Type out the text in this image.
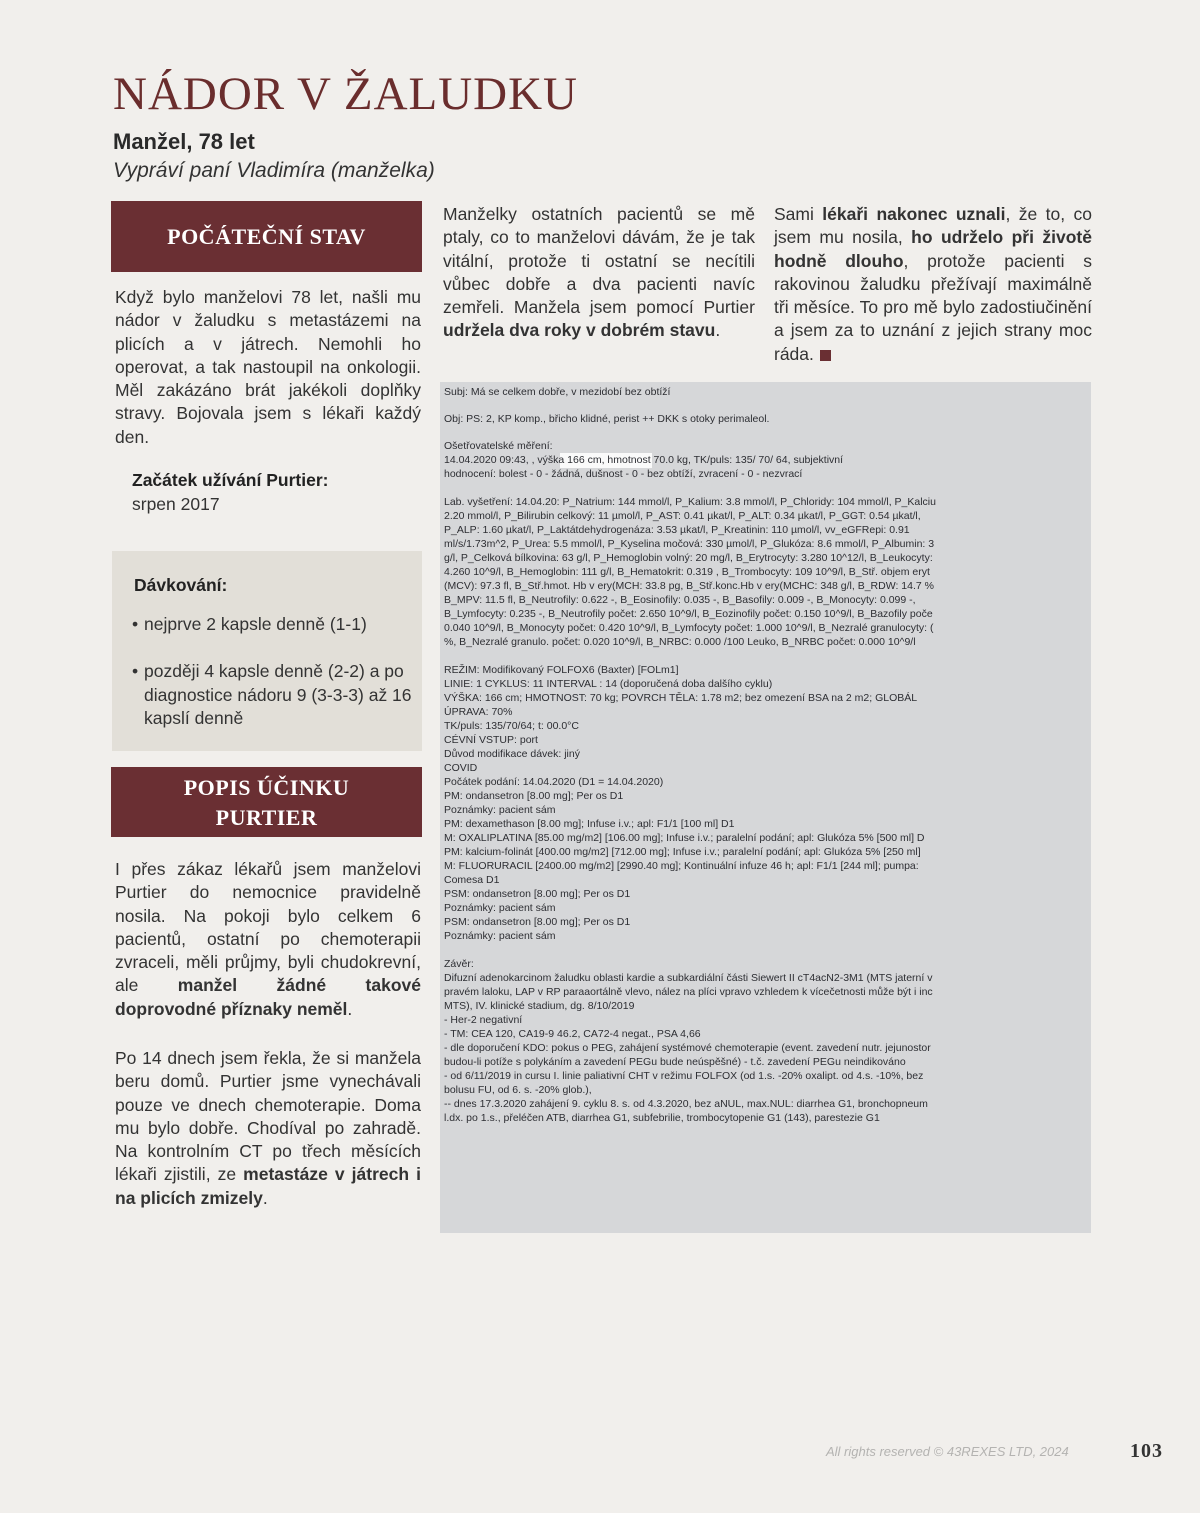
NÁDOR V ŽALUDKU
Manžel, 78 let
Vypráví paní Vladimíra (manželka)
POČÁTEČNÍ STAV
Když bylo manželovi 78 let, našli mu nádor v žaludku s metastázemi na plicích a v játrech. Nemohli ho operovat, a tak nastoupil na onkologii. Měl zakázáno brát jakékoli doplňky stravy. Bojovala jsem s lékaři každý den.
Začátek užívání Purtier:
srpen 2017
Dávkování:
• nejprve 2 kapsle denně (1-1)
• později 4 kapsle denně (2-2) a po diagnostice nádoru 9 (3-3-3) až 16 kapslí denně
POPIS ÚČINKU
PURTIER
I přes zákaz lékařů jsem manželovi Purtier do nemocnice pravidelně nosila. Na pokoji bylo celkem 6 pacientů, ostatní po chemoterapii zvraceli, měli průjmy, byli chudokrevní, ale manžel žádné takové doprovodné příznaky neměl.
Po 14 dnech jsem řekla, že si manžela beru domů. Purtier jsme vynechávali pouze ve dnech chemoterapie. Doma mu bylo dobře. Chodíval po zahradě. Na kontrolním CT po třech měsících lékaři zjistili, ze metastáze v játrech i na plicích zmizely.
Manželky ostatních pacientů se mě ptaly, co to manželovi dávám, že je tak vitální, protože ti ostatní se necítili vůbec dobře a dva pacienti navíc zemřeli. Manžela jsem pomocí Purtier udržela dva roky v dobrém stavu.
Sami lékaři nakonec uznali, že to, co jsem mu nosila, ho udrželo při životě hodně dlouho, protože pacienti s rakovinou žaludku přežívají maximálně tři měsíce. To pro mě bylo zadostiučinění a jsem za to uznání z jejich strany moc ráda.
Subj: Má se celkem dobře, v mezidobí bez obtíží
Obj: PS: 2, KP komp., břicho klidné, perist ++ DKK s otoky perimaleol.
Ošetřovatelské měření:
14.04.2020 09:43, , výška 166 cm, hmotnost 70.0 kg, TK/puls: 135/ 70/ 64, subjektivní
hodnocení: bolest - 0 - žádná, dušnost - 0 - bez obtíží, zvracení - 0 - nezvrací
Lab. vyšetření: 14.04.20: P_Natrium: 144 mmol/l, P_Kalium: 3.8 mmol/l, P_Chloridy: 104 mmol/l, P_Kalciu
2.20 mmol/l, P_Bilirubin celkový: 11 µmol/l, P_AST: 0.41 µkat/l, P_ALT: 0.34 µkat/l, P_GGT: 0.54 µkat/l,
P_ALP: 1.60 µkat/l, P_Laktátdehydrogenáza: 3.53 µkat/l, P_Kreatinin: 110 µmol/l, vv_eGFRepi: 0.91
ml/s/1.73m^2, P_Urea: 5.5 mmol/l, P_Kyselina močová: 330 µmol/l, P_Glukóza: 8.6 mmol/l, P_Albumin: 3
g/l, P_Celková bílkovina: 63 g/l, P_Hemoglobin volný: 20 mg/l, B_Erytrocyty: 3.280 10^12/l, B_Leukocyty:
4.260 10^9/l, B_Hemoglobin: 111 g/l, B_Hematokrit: 0.319 , B_Trombocyty: 109 10^9/l, B_Stř. objem eryt
(MCV): 97.3 fl, B_Stř.hmot. Hb v ery(MCH: 33.8 pg, B_Stř.konc.Hb v ery(MCHC: 348 g/l, B_RDW: 14.7 %
B_MPV: 11.5 fl, B_Neutrofily: 0.622 -, B_Eosinofily: 0.035 -, B_Basofily: 0.009 -, B_Monocyty: 0.099 -,
B_Lymfocyty: 0.235 -, B_Neutrofily počet: 2.650 10^9/l, B_Eozinofily počet: 0.150 10^9/l, B_Bazofily poče
0.040 10^9/l, B_Monocyty počet: 0.420 10^9/l, B_Lymfocyty počet: 1.000 10^9/l, B_Nezralé granulocyty: (
%, B_Nezralé granulo. počet: 0.020 10^9/l, B_NRBC: 0.000 /100 Leuko, B_NRBC počet: 0.000 10^9/l
REŽIM: Modifikovaný FOLFOX6 (Baxter) [FOLm1]
LINIE: 1 CYKLUS: 11 INTERVAL : 14 (doporučená doba dalšího cyklu)
VÝŠKA: 166 cm; HMOTNOST: 70 kg; POVRCH TĚLA: 1.78 m2; bez omezení BSA na 2 m2; GLOBÁL
ÚPRAVA: 70%
TK/puls: 135/70/64; t: 00.0°C
CÉVNÍ VSTUP: port
Důvod modifikace dávek: jiný
COVID
Počátek podání: 14.04.2020 (D1 = 14.04.2020)
PM: ondansetron [8.00 mg]; Per os D1
Poznámky: pacient sám
PM: dexamethason [8.00 mg]; Infuse i.v.; apl: F1/1 [100 ml] D1
M: OXALIPLATINA [85.00 mg/m2] [106.00 mg]; Infuse i.v.; paralelní podání; apl: Glukóza 5% [500 ml] D
PM: kalcium-folinát [400.00 mg/m2] [712.00 mg]; Infuse i.v.; paralelní podání; apl: Glukóza 5% [250 ml]
M: FLUORURACIL [2400.00 mg/m2] [2990.40 mg]; Kontinuální infuze 46 h; apl: F1/1 [244 ml]; pumpa:
Comesa D1
PSM: ondansetron [8.00 mg]; Per os D1
Poznámky: pacient sám
PSM: ondansetron [8.00 mg]; Per os D1
Poznámky: pacient sám
Závěr:
Difuzní adenokarcinom žaludku oblasti kardie a subkardiální části Siewert II cT4acN2-3M1 (MTS jaterní v
pravém laloku, LAP v RP paraaortálně vlevo, nález na plíci vpravo vzhledem k vícečetnosti může být i inc
MTS), IV. klinické stadium, dg. 8/10/2019
- Her-2 negativní
- TM: CEA 120, CA19-9 46.2, CA72-4 negat., PSA 4,66
- dle doporučení KDO: pokus o PEG, zahájení systémové chemoterapie (event. zavedení nutr. jejunostor
budou-li potíže s polykáním a zavedení PEGu bude neúspěšné) - t.č. zavedení PEGu neindikováno
- od 6/11/2019 in cursu I. linie paliativní CHT v režimu FOLFOX (od 1.s. -20% oxalipt. od 4.s. -10%, bez
bolusu FU, od 6. s. -20% glob.),
-- dnes 17.3.2020 zahájení 9. cyklu 8. s. od 4.3.2020, bez aNUL, max.NUL: diarrhea G1, bronchopneum
l.dx. po 1.s., přeléčen ATB, diarrhea G1, subfebrilie, trombocytopenie G1 (143), parestezie G1
All rights reserved © 43REXES LTD, 2024	103
